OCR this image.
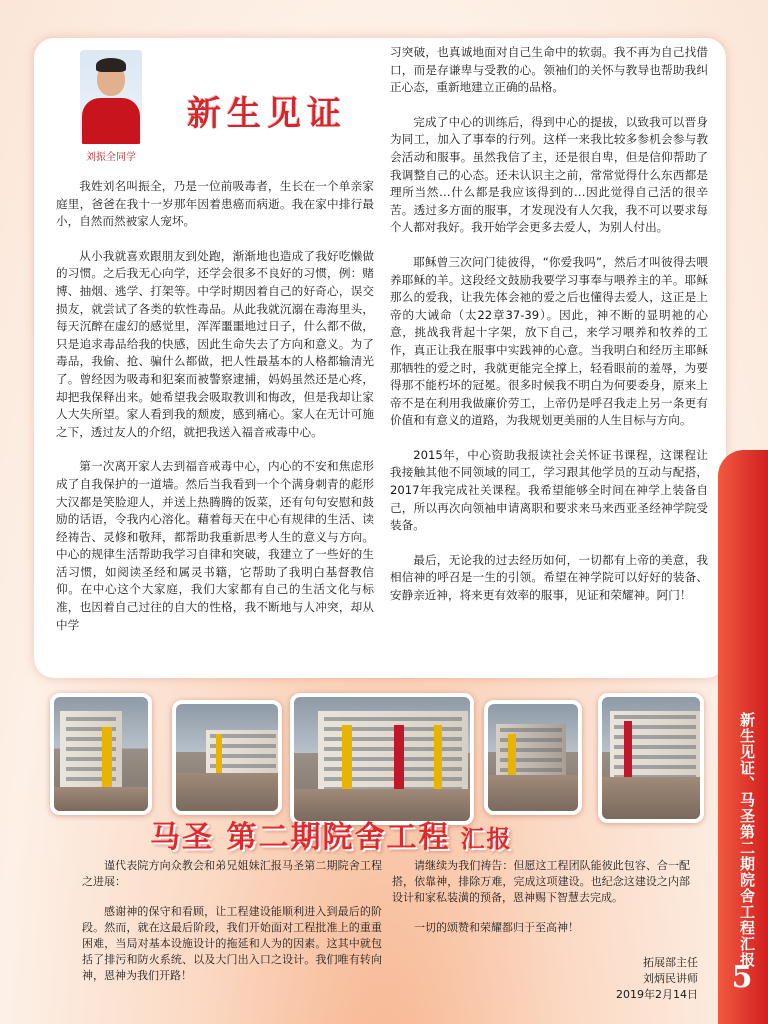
刘振全同学
新生见证

我姓刘名叫振全，乃是一位前吸毒者，生长在一个单亲家庭里，爸爸在我十一岁那年因着患癌而病逝。我在家中排行最小，自然而然被家人宠坏。

从小我就喜欢跟朋友到处跑，渐渐地也造成了我好吃懒做的习惯。之后我无心向学，还学会很多不良好的习惯，例：赌博、抽烟、逃学、打架等。中学时期因着自己的好奇心，误交损友，就尝试了各类的软性毒品。从此我就沉溺在毒海里头，每天沉醉在虚幻的感觉里，浑浑噩噩地过日子，什么都不做，只是追求毒品给我的快感，因此生命失去了方向和意义。为了毒品，我偷、抢、骗什么都做，把人性最基本的人格都输清光了。曾经因为吸毒和犯案而被警察逮捕，妈妈虽然还是心疼，却把我保释出来。她希望我会吸取教训和悔改，但是我却让家人大失所望。家人看到我的颓废，感到痛心。家人在无计可施之下，透过友人的介绍，就把我送入福音戒毒中心。

第一次离开家人去到福音戒毒中心，内心的不安和焦虑形成了自我保护的一道墙。然后当我看到一个个满身刺青的彪形大汉都是笑脸迎人，并送上热腾腾的饭菜，还有句句安慰和鼓励的话语，令我内心溶化。藉着每天在中心有规律的生活、读经祷告、灵修和敬拜，都帮助我重新思考人生的意义与方向。中心的规律生活帮助我学习自律和突破，我建立了一些好的生活习惯，如阅读圣经和属灵书籍，它帮助了我明白基督教信仰。在中心这个大家庭，我们大家都有自己的生活文化与标准，也因着自己过往的自大的性格，我不断地与人冲突，却从中学

习突破，也真诚地面对自己生命中的软弱。我不再为自己找借口，而是存谦卑与受教的心。领袖们的关怀与教导也帮助我纠正心态，重新地建立正确的品格。

完成了中心的训练后，得到中心的提拔，以致我可以晋身为同工，加入了事奉的行列。这样一来我比较多参机会参与教会活动和服事。虽然我信了主，还是很自卑，但是信仰帮助了我调整自己的心态。还未认识主之前，常常觉得什么东西都是理所当然…什么都是我应该得到的…因此觉得自己活的很辛苦。透过多方面的服事，才发现没有人欠我，我不可以要求每个人都对我好。我开始学会更多去爱人，为别人付出。

耶稣曾三次问门徒彼得，“你爱我吗”，然后才叫彼得去喂养耶稣的羊。这段经文鼓励我要学习事奉与喂养主的羊。耶稣那么的爱我，让我先体会祂的爱之后也懂得去爱人，这正是上帝的大诫命（太22章37-39）。因此，神不断的显明祂的心意，挑战我背起十字架，放下自己，来学习喂养和牧养的工作，真正让我在服事中实践神的心意。当我明白和经历主耶稣那牺牲的爱之时，我就更能完全撑上，轻看眼前的羞辱，为要得那不能朽坏的冠冕。很多时候我不明白为何要委身，原来上帝不是在利用我做廉价劳工，上帝仍是呼召我走上另一条更有价值和有意义的道路，为我规划更美丽的人生目标与方向。

2015年，中心资助我报读社会关怀证书课程，这课程让我接触其他不同领域的同工，学习跟其他学员的互动与配搭，2017年我完成社关课程。我希望能够全时间在神学上装备自己，所以再次向领袖申请离职和要求来马来西亚圣经神学院受装备。

最后，无论我的过去经历如何，一切都有上帝的美意，我相信神的呼召是一生的引领。希望在神学院可以好好的装备、安静亲近神，将来更有效率的服事，见证和荣耀神。阿门！

马圣 第二期院舍工程 汇报

谨代表院方向众教会和弟兄姐妹汇报马圣第二期院舍工程之进展：

感谢神的保守和看顾，让工程建设能顺利进入到最后的阶段。然而，就在这最后阶段，我们开始面对工程批准上的重重困难，当局对基本设施设计的拖延和人为的因素。这其中就包括了排污和防火系统、以及大门出入口之设计。我们唯有转向神，恩神为我们开路！

请继续为我们祷告：但愿这工程团队能彼此包容、合一配搭，依靠神，排除万难，完成这项建设。也纪念这建设之内部设计和家私装潢的预备，恩神赐下智慧去完成。

一切的颂赞和荣耀都归于至高神！

拓展部主任
刘炳民讲师
2019年2月14日
新生见证、马圣第二期院舍工程汇报
5
